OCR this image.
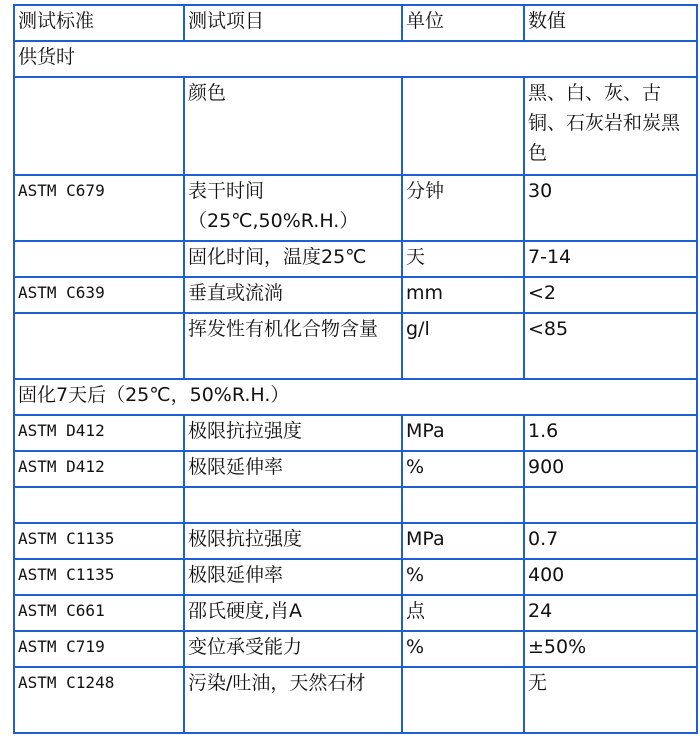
测试标准	测试项目	单位	数值
供货时			
	颜色		黑、白、灰、古铜、石灰岩和炭黑色
ASTM C679	表干时间（25℃,50%R.H.）	分钟	30
	固化时间，温度25℃	天	7-14
ASTM C639	垂直或流淌	mm	<2
	挥发性有机化合物含量	g/l	<85
固化7天后（25℃，50%R.H.）			
ASTM D412	极限抗拉强度	MPa	1.6
ASTM D412	极限延伸率	%	900

ASTM C1135	极限抗拉强度	MPa	0.7
ASTM C1135	极限延伸率	%	400
ASTM C661	邵氏硬度,肖A	点	24
ASTM C719	变位承受能力	%	±50%
ASTM C1248	污染/吐油，天然石材		无
